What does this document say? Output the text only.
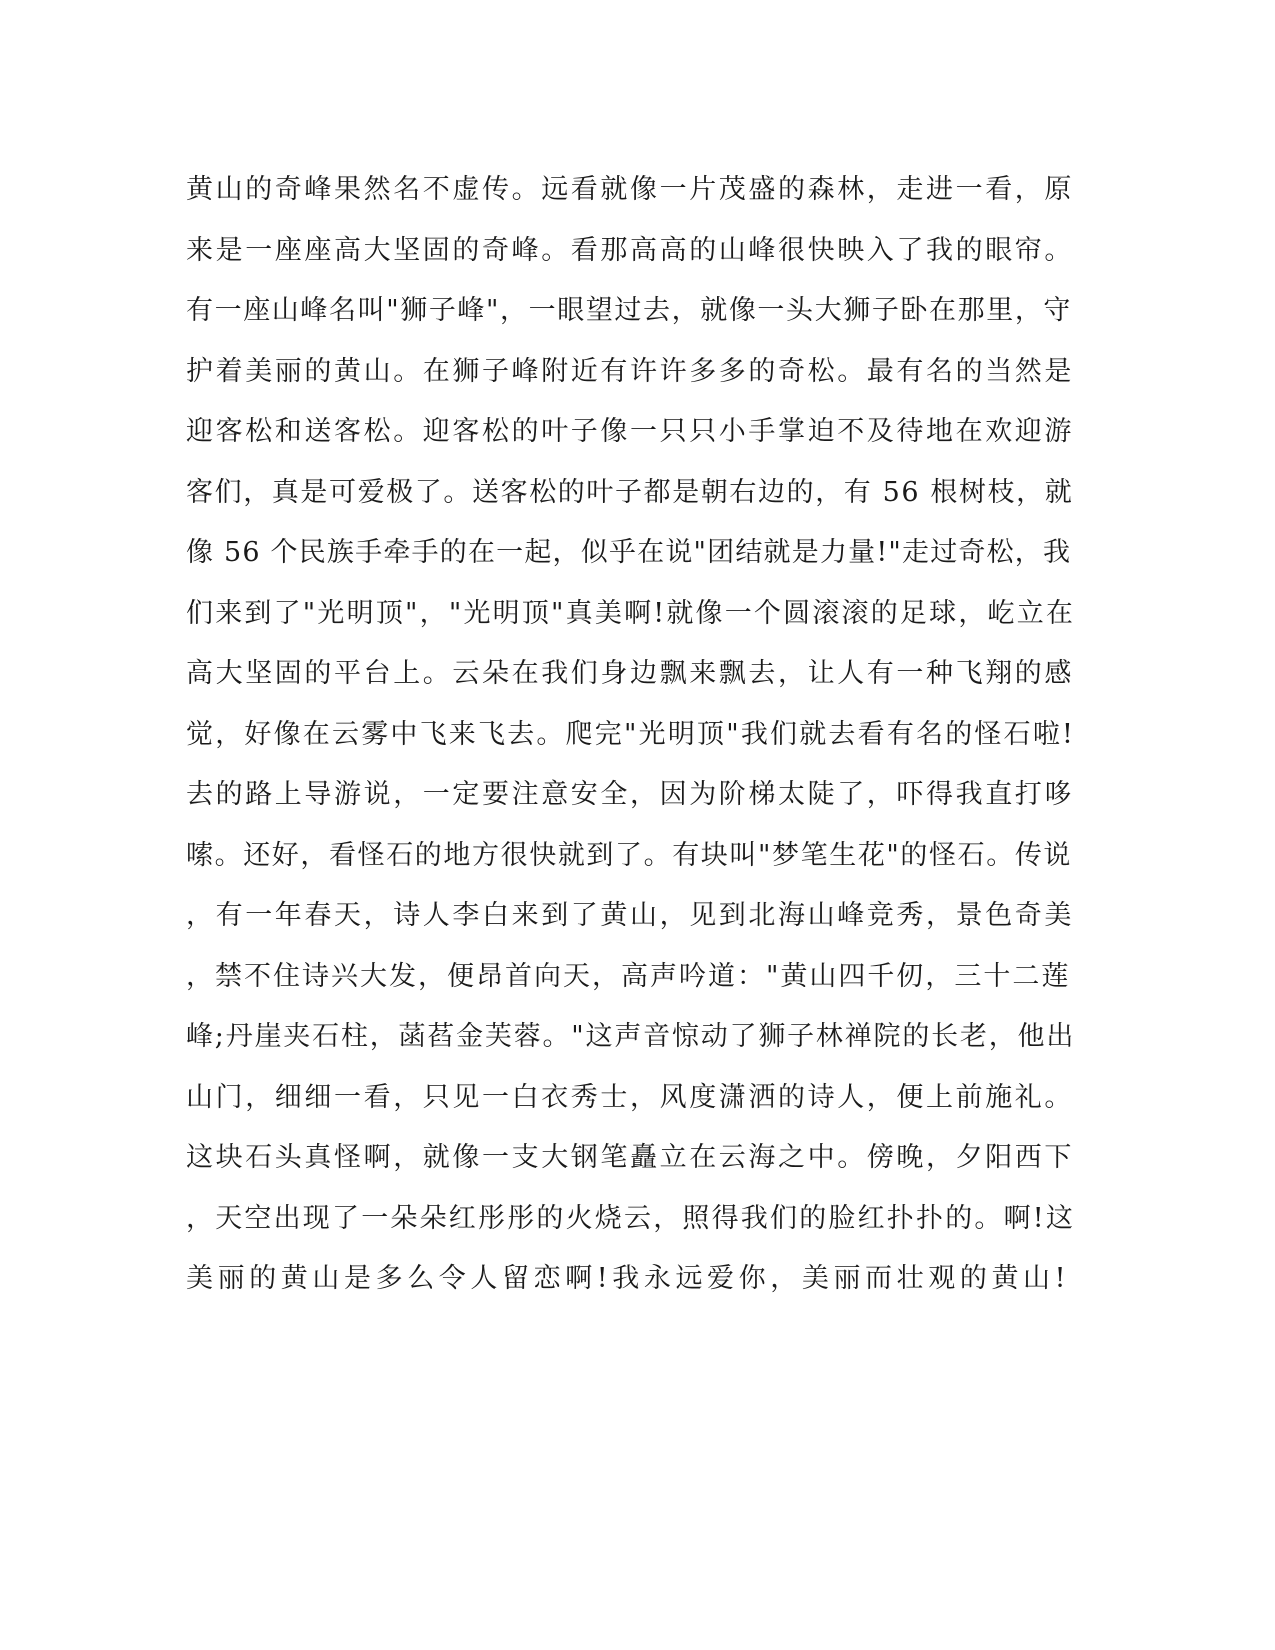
黄山的奇峰果然名不虚传。远看就像一片茂盛的森林，走进一看，原
来是一座座高大坚固的奇峰。看那高高的山峰很快映入了我的眼帘。
有一座山峰名叫"狮子峰"，一眼望过去，就像一头大狮子卧在那里，守
护着美丽的黄山。在狮子峰附近有许许多多的奇松。最有名的当然是
迎客松和送客松。迎客松的叶子像一只只小手掌迫不及待地在欢迎游
客们，真是可爱极了。送客松的叶子都是朝右边的，有 56 根树枝，就
像 56 个民族手牵手的在一起，似乎在说"团结就是力量!"走过奇松，我
们来到了"光明顶"，"光明顶"真美啊!就像一个圆滚滚的足球，屹立在
高大坚固的平台上。云朵在我们身边飘来飘去，让人有一种飞翔的感
觉，好像在云雾中飞来飞去。爬完"光明顶"我们就去看有名的怪石啦!
去的路上导游说，一定要注意安全，因为阶梯太陡了，吓得我直打哆
嗦。还好，看怪石的地方很快就到了。有块叫"梦笔生花"的怪石。传说
，有一年春天，诗人李白来到了黄山，见到北海山峰竞秀，景色奇美
，禁不住诗兴大发，便昂首向天，高声吟道："黄山四千仞，三十二莲
峰;丹崖夹石柱，菡萏金芙蓉。"这声音惊动了狮子林禅院的长老，他出
山门，细细一看，只见一白衣秀士，风度潇洒的诗人，便上前施礼。
这块石头真怪啊，就像一支大钢笔矗立在云海之中。傍晚，夕阳西下
，天空出现了一朵朵红彤彤的火烧云，照得我们的脸红扑扑的。啊!这
美丽的黄山是多么令人留恋啊!我永远爱你，美丽而壮观的黄山!
